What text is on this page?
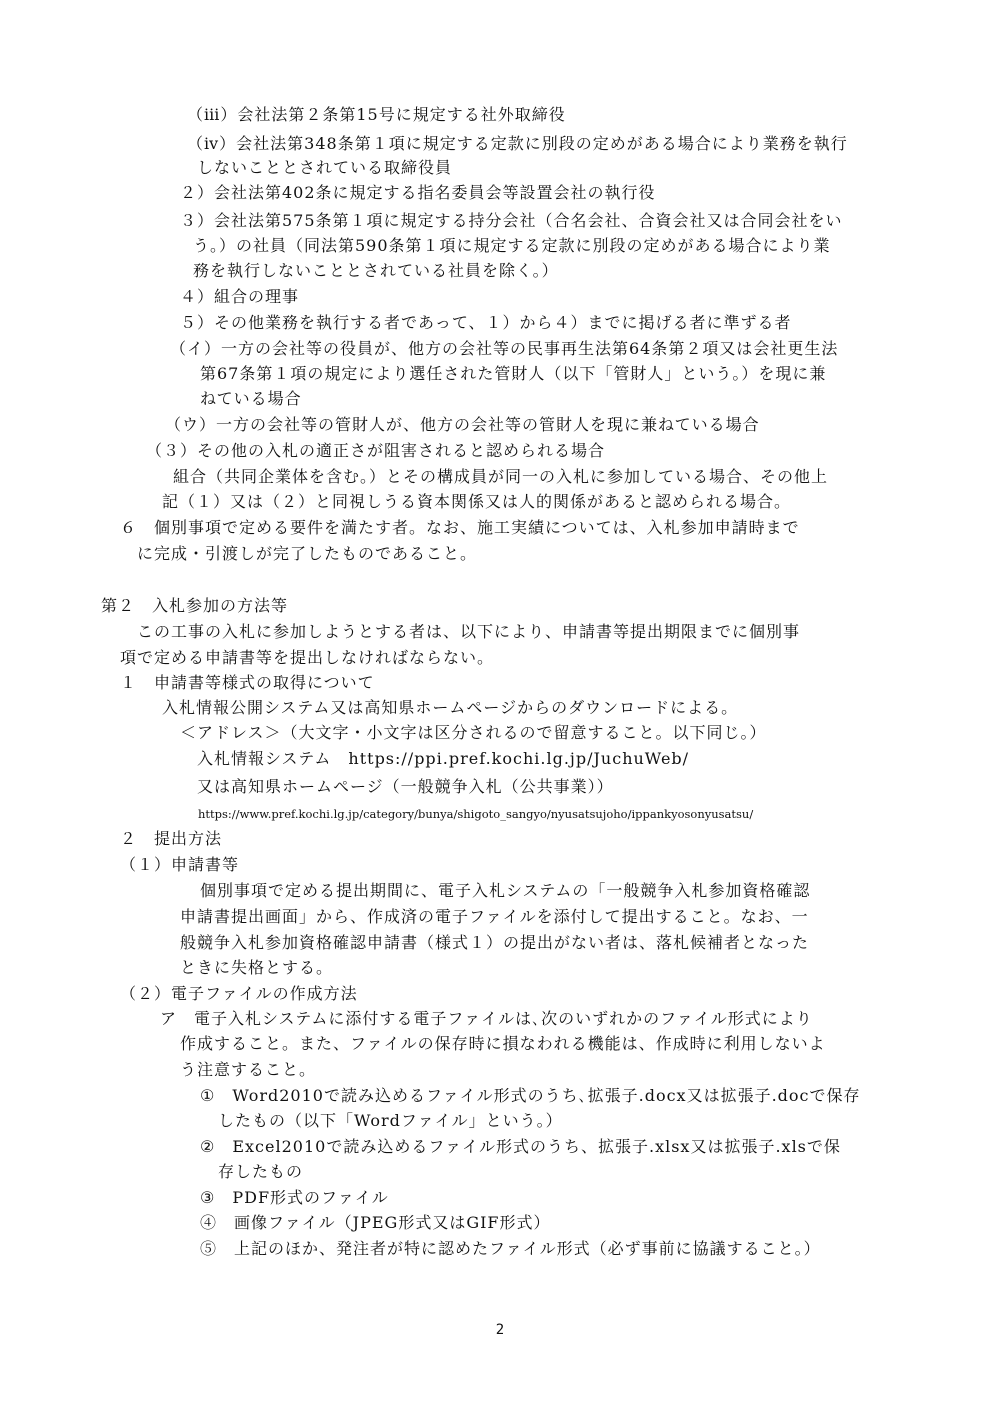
（ⅲ）会社法第２条第15号に規定する社外取締役
（ⅳ）会社法第348条第１項に規定する定款に別段の定めがある場合により業務を執行
しないこととされている取締役員
２）会社法第402条に規定する指名委員会等設置会社の執行役
３）会社法第575条第１項に規定する持分会社（合名会社、合資会社又は合同会社をい
う。）の社員（同法第590条第１項に規定する定款に別段の定めがある場合により業
務を執行しないこととされている社員を除く。）
４）組合の理事
５）その他業務を執行する者であって、１）から４）までに掲げる者に準ずる者
（イ）一方の会社等の役員が、他方の会社等の民事再生法第64条第２項又は会社更生法
第67条第１項の規定により選任された管財人（以下「管財人」という。）を現に兼
ねている場合
（ウ）一方の会社等の管財人が、他方の会社等の管財人を現に兼ねている場合
（３）その他の入札の適正さが阻害されると認められる場合
組合（共同企業体を含む。）とその構成員が同一の入札に参加している場合、その他上
記（１）又は（２）と同視しうる資本関係又は人的関係があると認められる場合。
６　個別事項で定める要件を満たす者。なお、施工実績については、入札参加申請時まで
に完成・引渡しが完了したものであること。
第２　入札参加の方法等
この工事の入札に参加しようとする者は、以下により、申請書等提出期限までに個別事
項で定める申請書等を提出しなければならない。
１　申請書等様式の取得について
入札情報公開システム又は高知県ホームページからのダウンロードによる。
＜アドレス＞（大文字・小文字は区分されるので留意すること。以下同じ。）
入札情報システム　https://ppi.pref.kochi.lg.jp/JuchuWeb/
又は高知県ホームページ（一般競争入札（公共事業））
https://www.pref.kochi.lg.jp/category/bunya/shigoto_sangyo/nyusatsujoho/ippankyosonyusatsu/
２　提出方法
（１）申請書等
個別事項で定める提出期間に、電子入札システムの「一般競争入札参加資格確認
申請書提出画面」から、作成済の電子ファイルを添付して提出すること。なお、一
般競争入札参加資格確認申請書（様式１）の提出がない者は、落札候補者となった
ときに失格とする。
（２）電子ファイルの作成方法
ア　電子入札システムに添付する電子ファイルは､次のいずれかのファイル形式により
作成すること。また、ファイルの保存時に損なわれる機能は、作成時に利用しないよ
う注意すること。
①　Word2010で読み込めるファイル形式のうち､拡張子.docx又は拡張子.docで保存
したもの（以下「Wordファイル」という。）
②　Excel2010で読み込めるファイル形式のうち、拡張子.xlsx又は拡張子.xlsで保
存したもの
③　PDF形式のファイル
④　画像ファイル（JPEG形式又はGIF形式）
⑤　上記のほか、発注者が特に認めたファイル形式（必ず事前に協議すること。）
2
